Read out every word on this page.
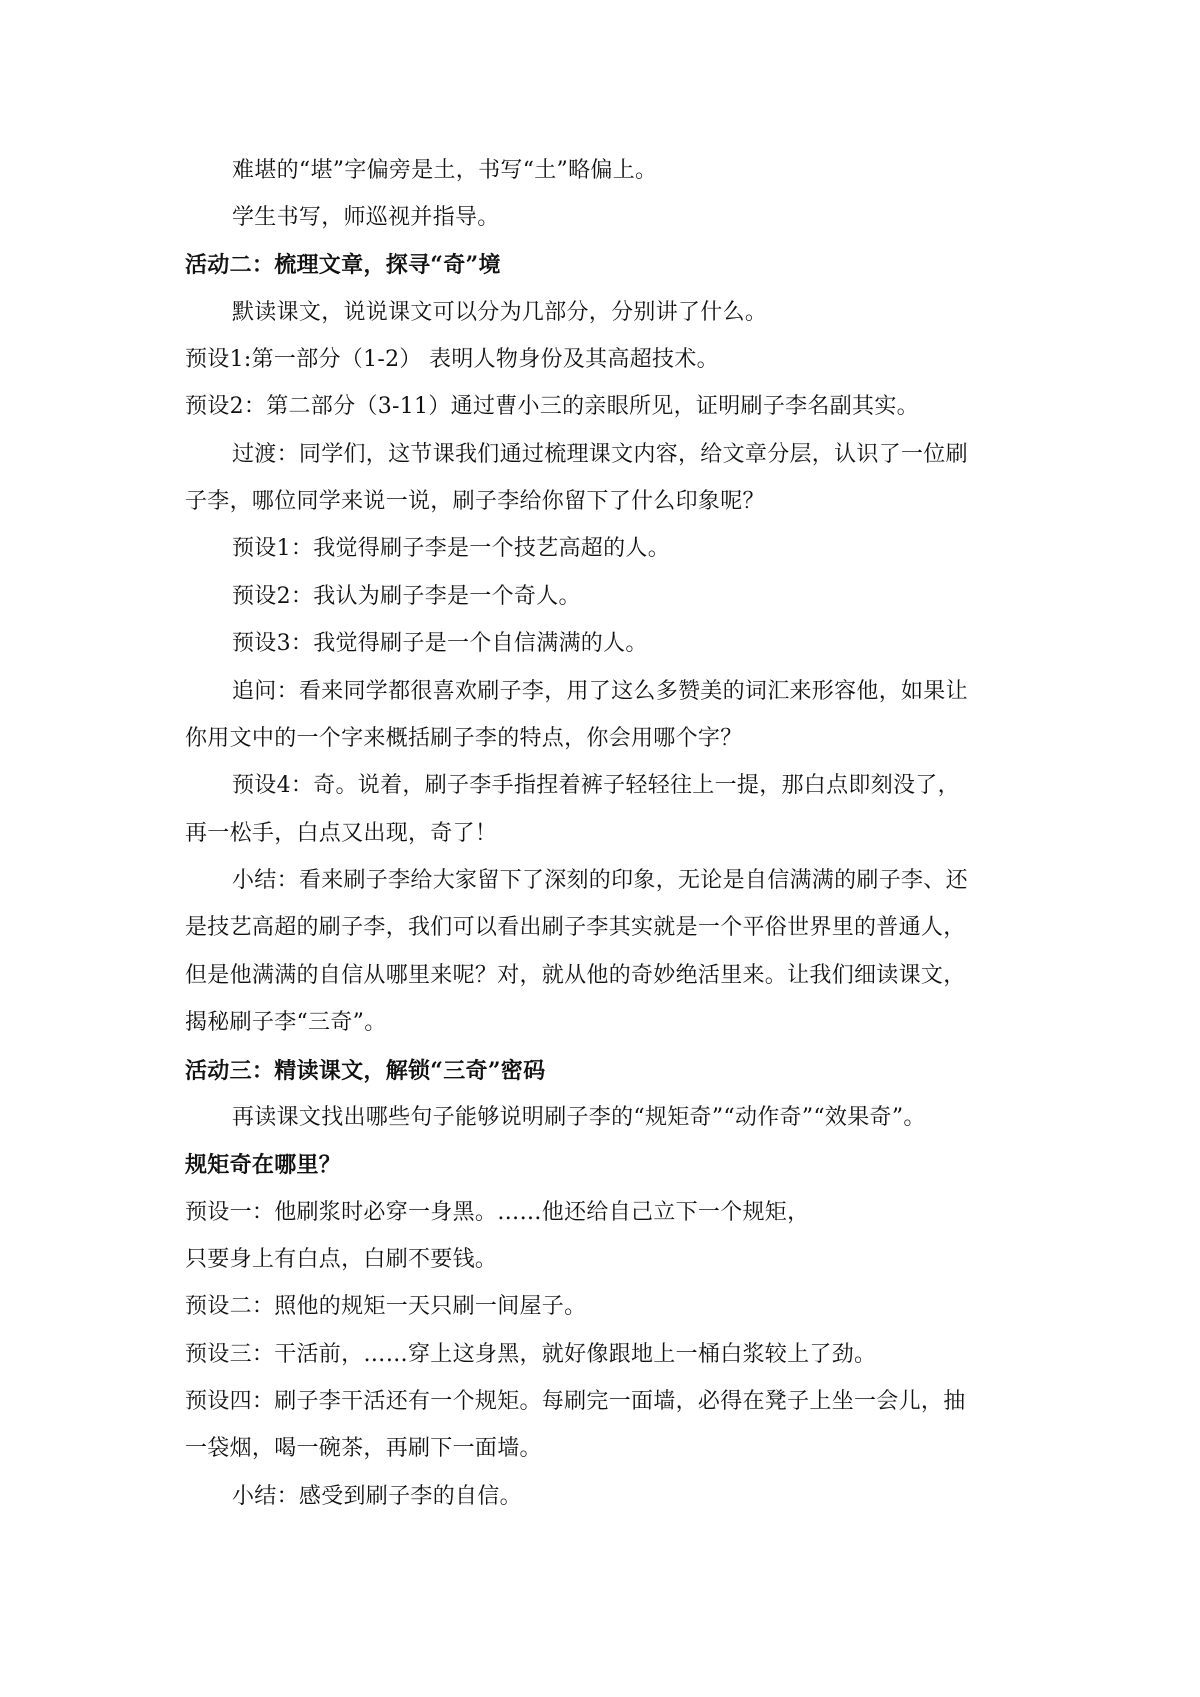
难堪的“堪”字偏旁是土，书写“土”略偏上。
学生书写，师巡视并指导。
活动二：梳理文章，探寻“奇”境
默读课文，说说课文可以分为几部分，分别讲了什么。
预设1:第一部分（1-2） 表明人物身份及其高超技术。
预设2：第二部分（3-11）通过曹小三的亲眼所见，证明刷子李名副其实。
过渡：同学们，这节课我们通过梳理课文内容，给文章分层，认识了一位刷
子李，哪位同学来说一说，刷子李给你留下了什么印象呢？
预设1：我觉得刷子李是一个技艺高超的人。
预设2：我认为刷子李是一个奇人。
预设3：我觉得刷子是一个自信满满的人。
追问：看来同学都很喜欢刷子李，用了这么多赞美的词汇来形容他，如果让
你用文中的一个字来概括刷子李的特点，你会用哪个字？
预设4：奇。说着，刷子李手指捏着裤子轻轻往上一提，那白点即刻没了，
再一松手，白点又出现，奇了！
小结：看来刷子李给大家留下了深刻的印象，无论是自信满满的刷子李、还
是技艺高超的刷子李，我们可以看出刷子李其实就是一个平俗世界里的普通人，
但是他满满的自信从哪里来呢？对，就从他的奇妙绝活里来。让我们细读课文，
揭秘刷子李“三奇”。
活动三：精读课文，解锁“三奇”密码
再读课文找出哪些句子能够说明刷子李的“规矩奇”“动作奇”“效果奇”。
规矩奇在哪里？
预设一：他刷浆时必穿一身黑。……他还给自己立下一个规矩，
只要身上有白点，白刷不要钱。
预设二：照他的规矩一天只刷一间屋子。
预设三：干活前，……穿上这身黑，就好像跟地上一桶白浆较上了劲。
预设四：刷子李干活还有一个规矩。每刷完一面墙，必得在凳子上坐一会儿，抽
一袋烟，喝一碗茶，再刷下一面墙。
小结：感受到刷子李的自信。
